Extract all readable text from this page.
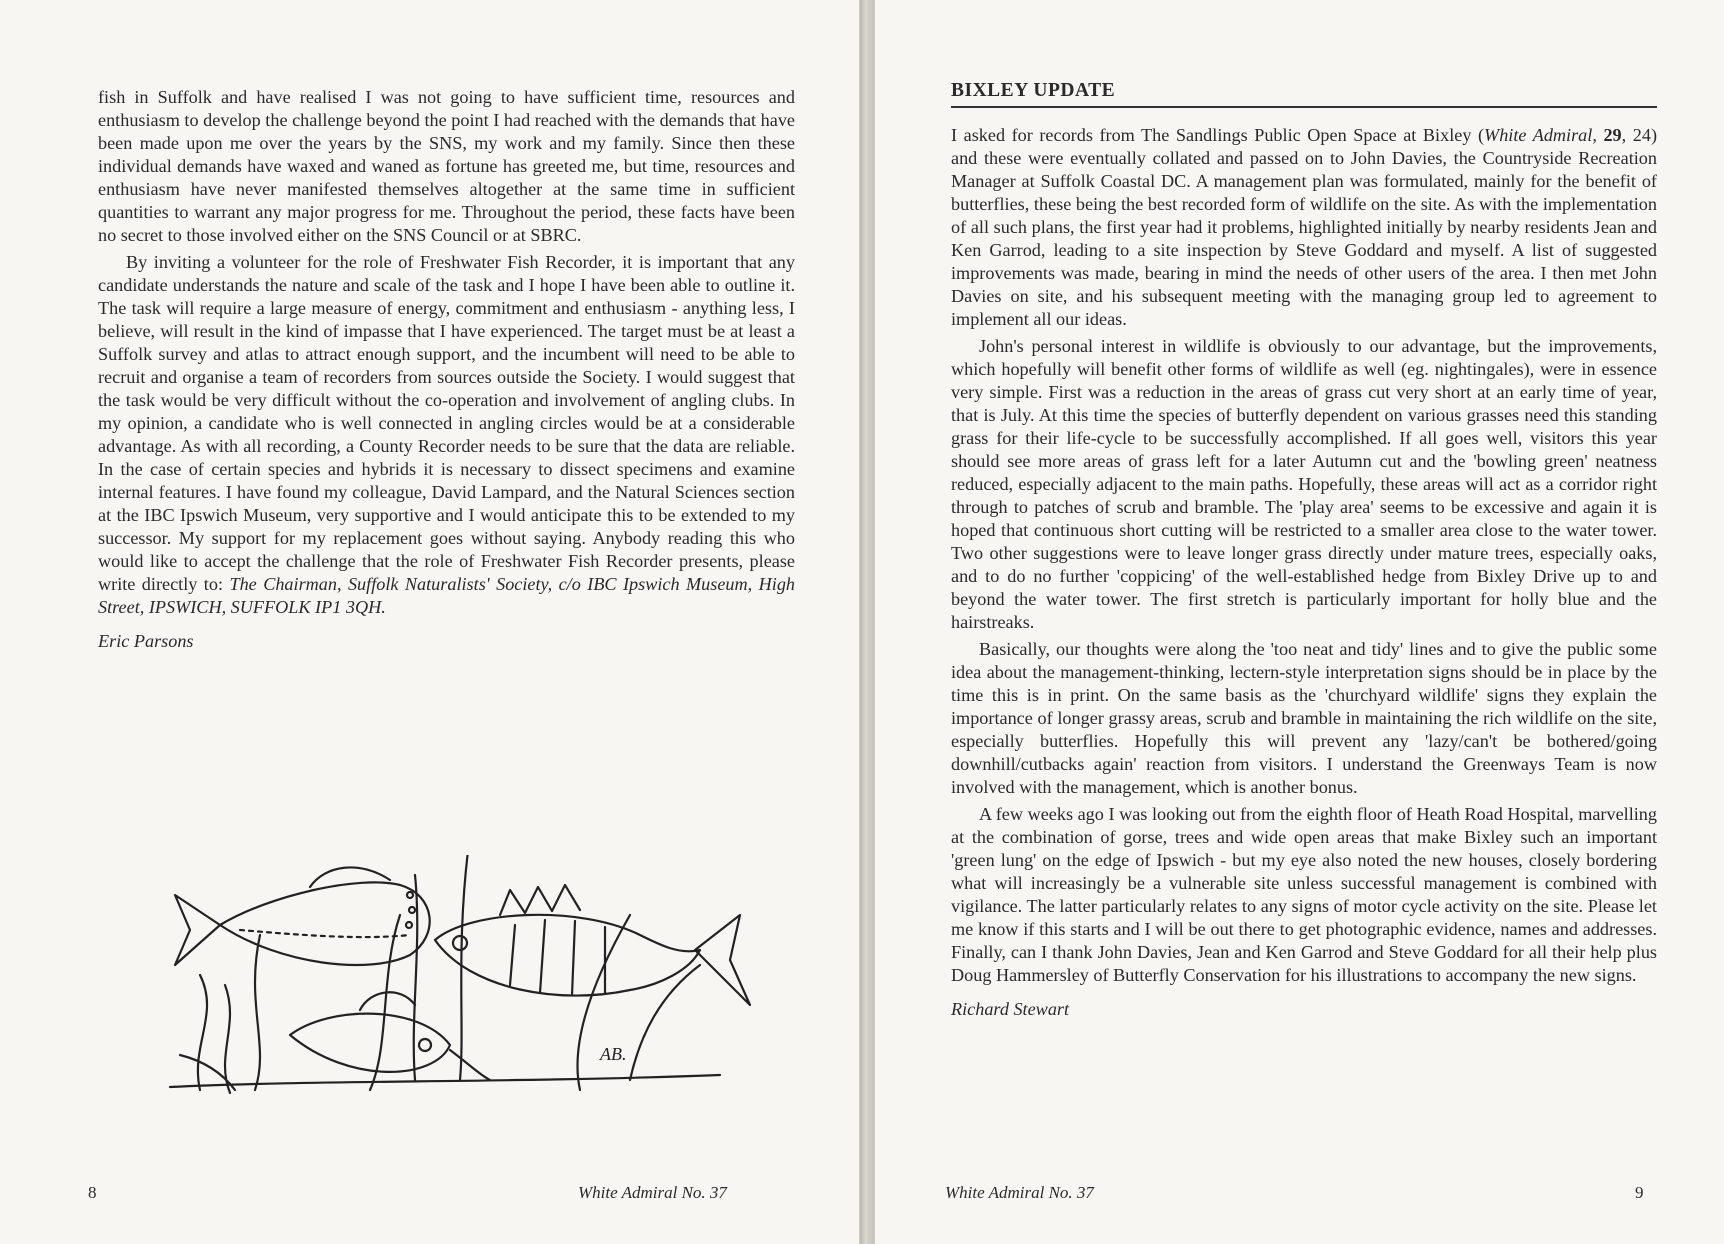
fish in Suffolk and have realised I was not going to have sufficient time, resources and enthusiasm to develop the challenge beyond the point I had reached with the demands that have been made upon me over the years by the SNS, my work and my family. Since then these individual demands have waxed and waned as fortune has greeted me, but time, resources and enthusiasm have never manifested themselves altogether at the same time in sufficient quantities to warrant any major progress for me. Throughout the period, these facts have been no secret to those involved either on the SNS Council or at SBRC.

By inviting a volunteer for the role of Freshwater Fish Recorder, it is important that any candidate understands the nature and scale of the task and I hope I have been able to outline it. The task will require a large measure of energy, commitment and enthusiasm - anything less, I believe, will result in the kind of impasse that I have experienced. The target must be at least a Suffolk survey and atlas to attract enough support, and the incumbent will need to be able to recruit and organise a team of recorders from sources outside the Society. I would suggest that the task would be very difficult without the co-operation and involvement of angling clubs. In my opinion, a candidate who is well connected in angling circles would be at a considerable advantage. As with all recording, a County Recorder needs to be sure that the data are reliable. In the case of certain species and hybrids it is necessary to dissect specimens and examine internal features. I have found my colleague, David Lampard, and the Natural Sciences section at the IBC Ipswich Museum, very supportive and I would anticipate this to be extended to my successor. My support for my replacement goes without saying. Anybody reading this who would like to accept the challenge that the role of Freshwater Fish Recorder presents, please write directly to: The Chairman, Suffolk Naturalists' Society, c/o IBC Ipswich Museum, High Street, IPSWICH, SUFFOLK IP1 3QH.

Eric Parsons

AB.
8	White Admiral No. 37
BIXLEY UPDATE

I asked for records from The Sandlings Public Open Space at Bixley (White Admiral, 29, 24) and these were eventually collated and passed on to John Davies, the Countryside Recreation Manager at Suffolk Coastal DC. A management plan was formulated, mainly for the benefit of butterflies, these being the best recorded form of wildlife on the site. As with the implementation of all such plans, the first year had it problems, highlighted initially by nearby residents Jean and Ken Garrod, leading to a site inspection by Steve Goddard and myself. A list of suggested improvements was made, bearing in mind the needs of other users of the area. I then met John Davies on site, and his subsequent meeting with the managing group led to agreement to implement all our ideas.

John's personal interest in wildlife is obviously to our advantage, but the improvements, which hopefully will benefit other forms of wildlife as well (eg. nightingales), were in essence very simple. First was a reduction in the areas of grass cut very short at an early time of year, that is July. At this time the species of butterfly dependent on various grasses need this standing grass for their life-cycle to be successfully accomplished. If all goes well, visitors this year should see more areas of grass left for a later Autumn cut and the 'bowling green' neatness reduced, especially adjacent to the main paths. Hopefully, these areas will act as a corridor right through to patches of scrub and bramble. The 'play area' seems to be excessive and again it is hoped that continuous short cutting will be restricted to a smaller area close to the water tower. Two other suggestions were to leave longer grass directly under mature trees, especially oaks, and to do no further 'coppicing' of the well-established hedge from Bixley Drive up to and beyond the water tower. The first stretch is particularly important for holly blue and the hairstreaks.

Basically, our thoughts were along the 'too neat and tidy' lines and to give the public some idea about the management-thinking, lectern-style interpretation signs should be in place by the time this is in print. On the same basis as the 'churchyard wildlife' signs they explain the importance of longer grassy areas, scrub and bramble in maintaining the rich wildlife on the site, especially butterflies. Hopefully this will prevent any 'lazy/can't be bothered/going downhill/cutbacks again' reaction from visitors. I understand the Greenways Team is now involved with the management, which is another bonus.

A few weeks ago I was looking out from the eighth floor of Heath Road Hospital, marvelling at the combination of gorse, trees and wide open areas that make Bixley such an important 'green lung' on the edge of Ipswich - but my eye also noted the new houses, closely bordering what will increasingly be a vulnerable site unless successful management is combined with vigilance. The latter particularly relates to any signs of motor cycle activity on the site. Please let me know if this starts and I will be out there to get photographic evidence, names and addresses. Finally, can I thank John Davies, Jean and Ken Garrod and Steve Goddard for all their help plus Doug Hammersley of Butterfly Conservation for his illustrations to accompany the new signs.

Richard Stewart

White Admiral No. 37	9
